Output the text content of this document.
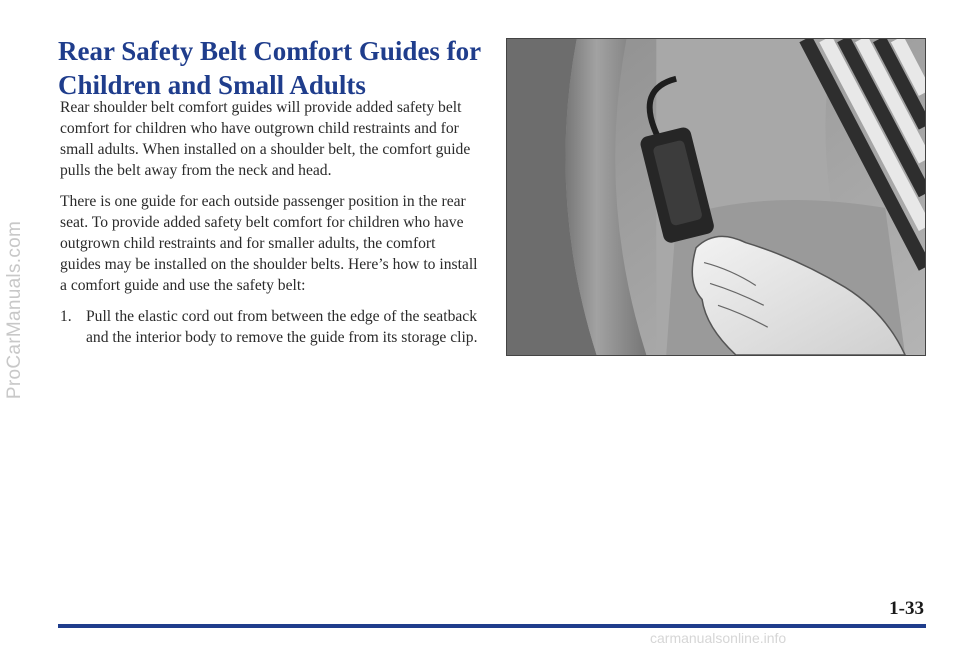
ProCarManuals.com
Rear Safety Belt Comfort Guides for Children and Small Adults

Rear shoulder belt comfort guides will provide added safety belt comfort for children who have outgrown child restraints and for small adults. When installed on a shoulder belt, the comfort guide pulls the belt away from the neck and head.

There is one guide for each outside passenger position in the rear seat. To provide added safety belt comfort for children who have outgrown child restraints and for smaller adults, the comfort guides may be installed on the shoulder belts. Here’s how to install a comfort guide and use the safety belt:

1. Pull the elastic cord out from between the edge of the seatback and the interior body to remove the guide from its storage clip.
1-33
carmanualsonline.info
